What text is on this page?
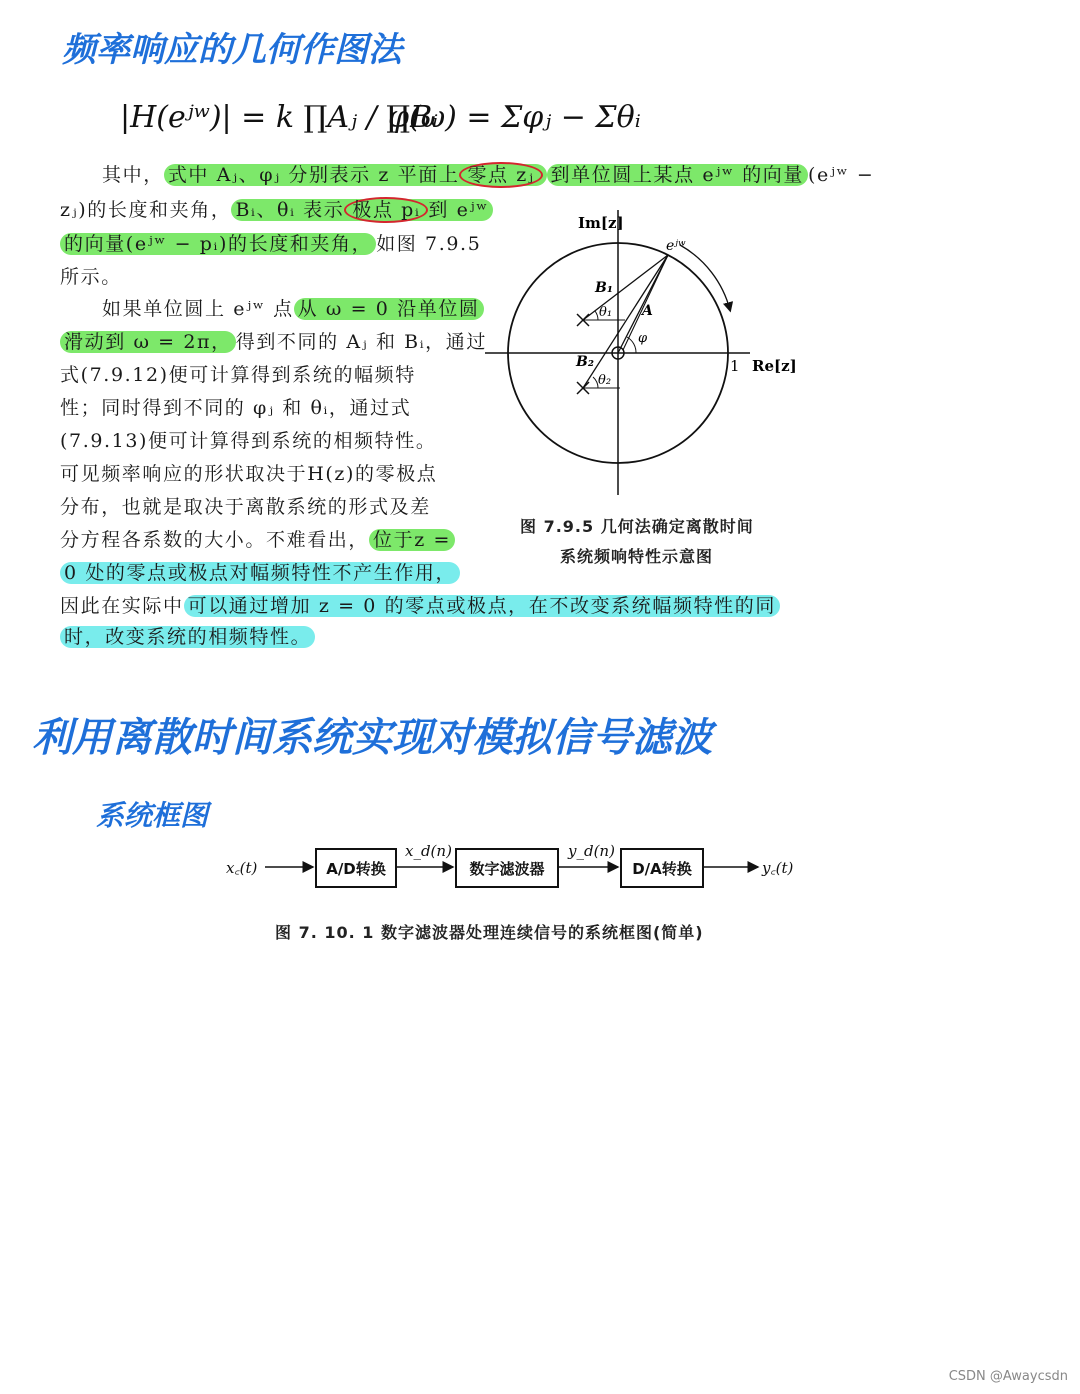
频率响应的几何作图法
|H(eʲʷ)| = k ∏Aⱼ / ∏Bᵢ
φ(ω) = Σφⱼ − Σθᵢ
其中， 式中 Aⱼ、φⱼ 分别表示 z 平面上 零点 zⱼ 到单位圆上某点 eʲʷ 的向量 (eʲʷ −
zⱼ)的长度和夹角， Bᵢ、θᵢ 表示 极点 pᵢ 到 eʲʷ
的向量(eʲʷ − pᵢ)的长度和夹角， 如图 7.9.5
所示。
如果单位圆上 eʲʷ 点 从 ω = 0 沿单位圆
滑动到 ω = 2π， 得到不同的 Aⱼ 和 Bᵢ，通过
式(7.9.12)便可计算得到系统的幅频特
性；同时得到不同的 φⱼ 和 θᵢ，通过式
(7.9.13)便可计算得到系统的相频特性。
可见频率响应的形状取决于H(z)的零极点
分布，也就是取决于离散系统的形式及差
分方程各系数的大小。不难看出， 位于z =
0 处的零点或极点对幅频特性不产生作用，
因此在实际中 可以通过增加 z = 0 的零点或极点，在不改变系统幅频特性的同
时，改变系统的相频特性。
Im[z]
Re[z]
1
eʲʷ
B₁
B₂
θ₁
θ₂
A
φ
图 7.9.5 几何法确定离散时间
系统频响特性示意图
利用离散时间系统实现对模拟信号滤波
系统框图
x꜀(t)	A/D转换
x_d(n)
数字滤波器
y_d(n)
D/A转换	y꜀(t)
图 7. 10. 1 数字滤波器处理连续信号的系统框图(简单)
CSDN @Awaycsdn
